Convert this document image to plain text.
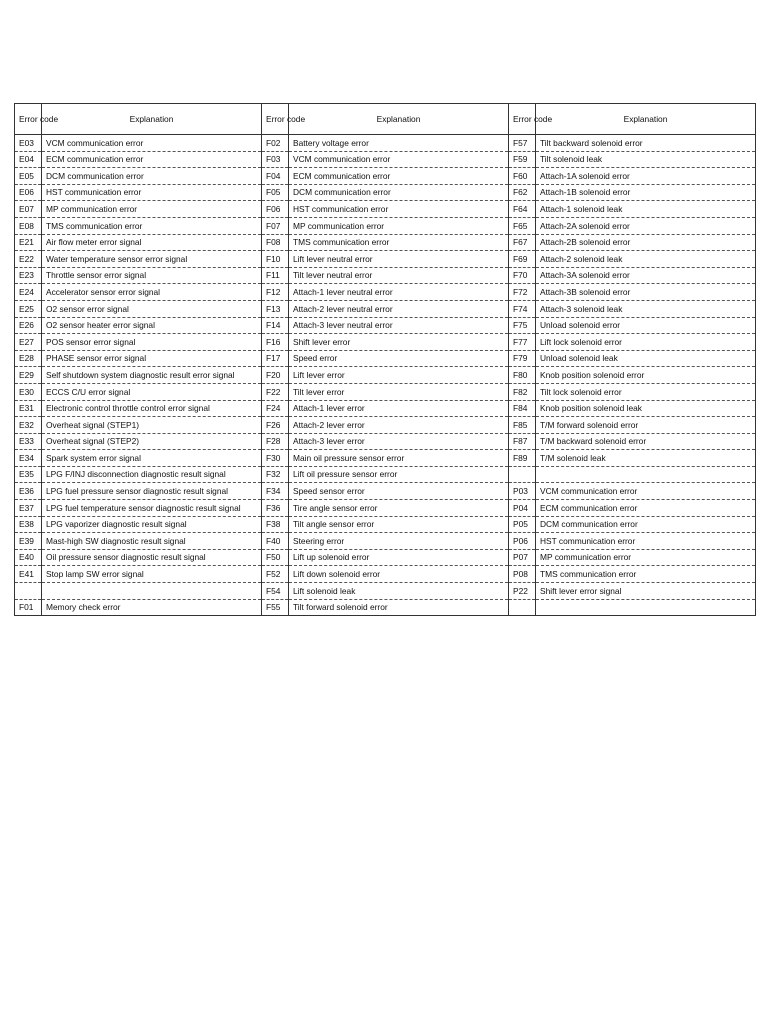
Error code	Explanation	Error code	Explanation	Error code	Explanation
E03	VCM communication error	F02	Battery voltage error	F57	Tilt backward solenoid error
E04	ECM communication error	F03	VCM communication error	F59	Tilt solenoid leak
E05	DCM communication error	F04	ECM communication error	F60	Attach-1A solenoid error
E06	HST communication error	F05	DCM communication error	F62	Attach-1B solenoid error
E07	MP communication error	F06	HST communication error	F64	Attach-1 solenoid leak
E08	TMS communication error	F07	MP communication error	F65	Attach-2A solenoid error
E21	Air flow meter error signal	F08	TMS communication error	F67	Attach-2B solenoid error
E22	Water temperature sensor error signal	F10	Lift lever neutral error	F69	Attach-2 solenoid leak
E23	Throttle sensor error signal	F11	Tilt lever neutral error	F70	Attach-3A solenoid error
E24	Accelerator sensor error signal	F12	Attach-1 lever neutral error	F72	Attach-3B solenoid error
E25	O2 sensor error signal	F13	Attach-2 lever neutral error	F74	Attach-3 solenoid leak
E26	O2 sensor heater error signal	F14	Attach-3 lever neutral error	F75	Unload solenoid error
E27	POS sensor error signal	F16	Shift lever error	F77	Lift lock solenoid error
E28	PHASE sensor error signal	F17	Speed error	F79	Unload solenoid leak
E29	Self shutdown system diagnostic result error signal	F20	Lift lever error	F80	Knob position solenoid error
E30	ECCS C/U error signal	F22	Tilt lever error	F82	Tilt lock solenoid error
E31	Electronic control throttle control error signal	F24	Attach-1 lever error	F84	Knob position solenoid leak
E32	Overheat signal (STEP1)	F26	Attach-2 lever error	F85	T/M forward solenoid error
E33	Overheat signal (STEP2)	F28	Attach-3 lever error	F87	T/M backward solenoid error
E34	Spark system error signal	F30	Main oil pressure sensor error	F89	T/M solenoid leak
E35	LPG F/INJ disconnection diagnostic result signal	F32	Lift oil pressure sensor error		
E36	LPG fuel pressure sensor diagnostic result signal	F34	Speed sensor error	P03	VCM communication error
E37	LPG fuel temperature sensor diagnostic result signal	F36	Tire angle sensor error	P04	ECM communication error
E38	LPG vaporizer diagnostic result signal	F38	Tilt angle sensor error	P05	DCM communication error
E39	Mast-high SW diagnostic result signal	F40	Steering error	P06	HST communication error
E40	Oil pressure sensor diagnostic result signal	F50	Lift up solenoid error	P07	MP communication error
E41	Stop lamp SW error signal	F52	Lift down solenoid error	P08	TMS communication error
		F54	Lift solenoid leak	P22	Shift lever error signal
F01	Memory check error	F55	Tilt forward solenoid error		
